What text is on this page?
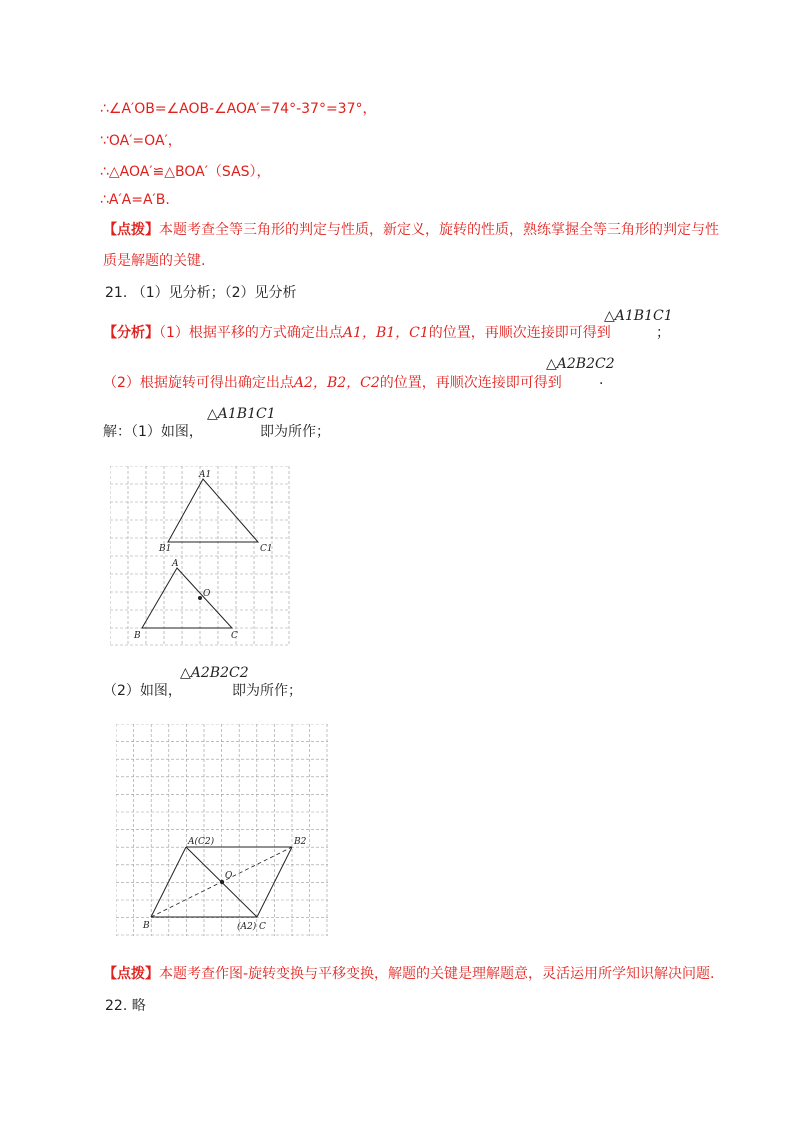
∴∠A′OB=∠AOB-∠AOA′=74°-37°=37°，
∵OA′=OA′，
∴△AOA′≌△BOA′（SAS），
∴A′A=A′B.
【点拨】本题考查全等三角形的判定与性质，新定义，旋转的性质，熟练掌握全等三角形的判定与性
质是解题的关键.
21. （1）见分析；（2）见分析
【分析】（1）根据平移的方式确定出点A1，B1，C1的位置，再顺次连接即可得到
△A1B1C1
；
（2）根据旋转可得出确定出点A2，B2，C2的位置，再顺次连接即可得到
△A2B2C2
.
解：（1）如图，
△A1B1C1
即为所作；
A1
B1	C1
A
O
B	C
（2）如图，
△A2B2C2
即为所作；
A(C2)	B2
O
B	(A2) C
【点拨】本题考查作图-旋转变换与平移变换，解题的关键是理解题意，灵活运用所学知识解决问题.
22. 略
